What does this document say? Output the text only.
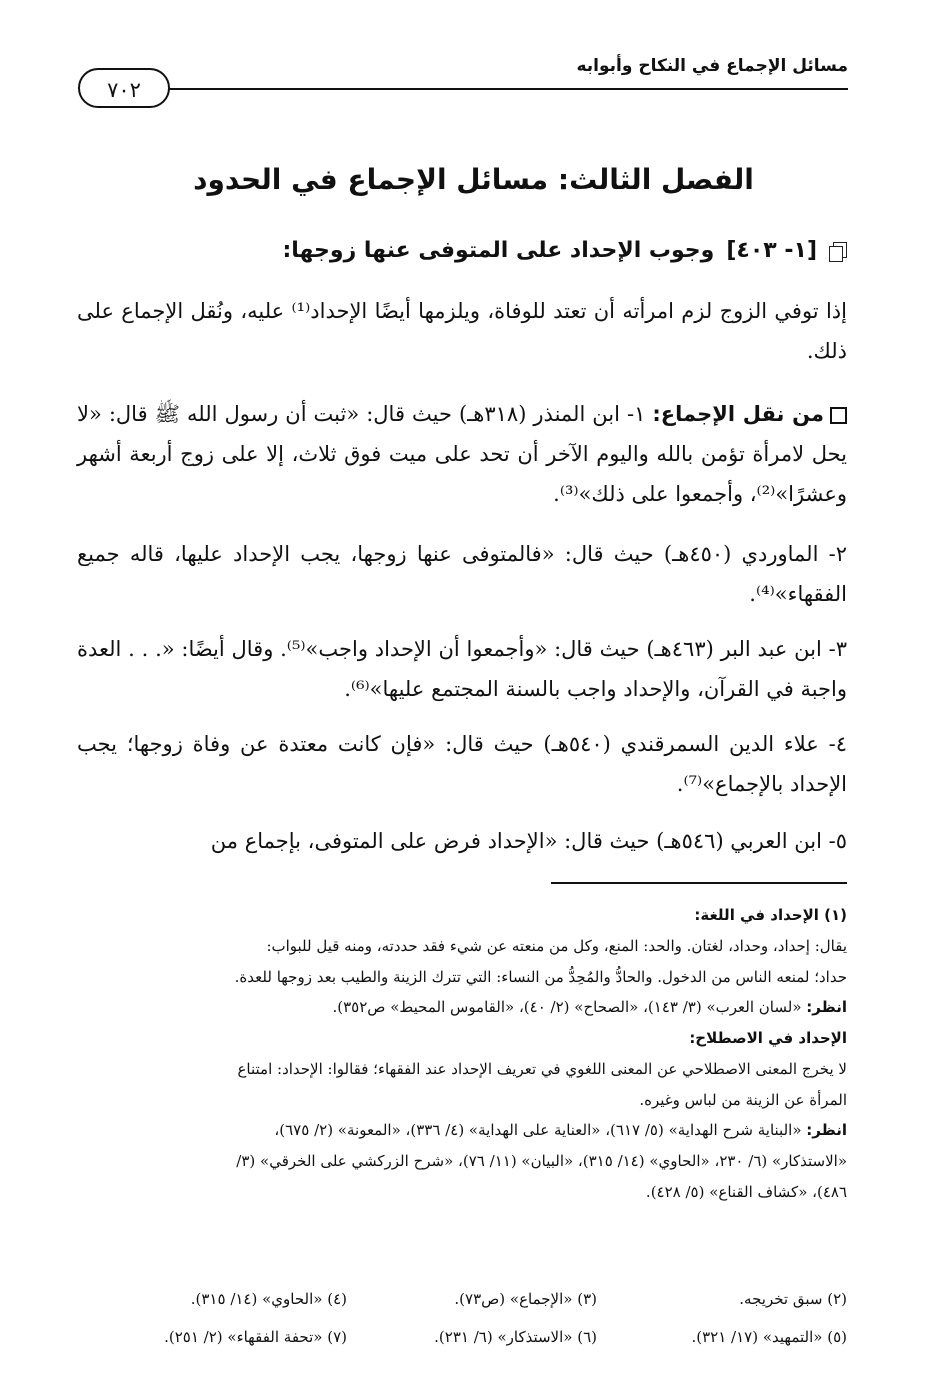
مسائل الإجماع في النكاح وأبوابه
٧٠٢
الفصل الثالث: مسائل الإجماع في الحدود
[١- ٤٠٣]
وجوب الإحداد على المتوفى عنها زوجها:
إذا توفي الزوج لزم امرأته أن تعتد للوفاة، ويلزمها أيضًا الإحداد⁽¹⁾ عليه، ونُقل الإجماع على ذلك.
من نقل الإجماع: ١- ابن المنذر (٣١٨هـ) حيث قال: «ثبت أن رسول الله ﷺ قال: «لا يحل لامرأة تؤمن بالله واليوم الآخر أن تحد على ميت فوق ثلاث، إلا على زوج أربعة أشهر وعشرًا»⁽²⁾، وأجمعوا على ذلك»⁽³⁾.
٢- الماوردي (٤٥٠هـ) حيث قال: «فالمتوفى عنها زوجها، يجب الإحداد عليها، قاله جميع الفقهاء»⁽⁴⁾.
٣- ابن عبد البر (٤٦٣هـ) حيث قال: «وأجمعوا أن الإحداد واجب»⁽⁵⁾. وقال أيضًا: «. . . العدة واجبة في القرآن، والإحداد واجب بالسنة المجتمع عليها»⁽⁶⁾.
٤- علاء الدين السمرقندي (٥٤٠هـ) حيث قال: «فإن كانت معتدة عن وفاة زوجها؛ يجب الإحداد بالإجماع»⁽⁷⁾.
٥- ابن العربي (٥٤٦هـ) حيث قال: «الإحداد فرض على المتوفى، بإجماع من

(١) الإحداد في اللغة:

يقال: إحداد، وحداد، لغتان. والحد: المنع، وكل من منعته عن شيء فقد حددته، ومنه قيل للبواب:

حداد؛ لمنعه الناس من الدخول. والحادُّ والمُحِدُّ من النساء: التي تترك الزينة والطيب بعد زوجها للعدة.

انظر: «لسان العرب» (٣/ ١٤٣)، «الصحاح» (٢/ ٤٠)، «القاموس المحيط» ص٣٥٢).

الإحداد في الاصطلاح:

لا يخرج المعنى الاصطلاحي عن المعنى اللغوي في تعريف الإحداد عند الفقهاء؛ فقالوا: الإحداد: امتناع

المرأة عن الزينة من لباس وغيره.

انظر: «البناية شرح الهداية» (٥/ ٦١٧)، «العناية على الهداية» (٤/ ٣٣٦)، «المعونة» (٢/ ٦٧٥)،

«الاستذكار» (٦/ ٢٣٠، «الحاوي» (١٤/ ٣١٥)، «البيان» (١١/ ٧٦)، «شرح الزركشي على الخرقي» (٣/

٤٨٦)، «كشاف القناع» (٥/ ٤٢٨).

(٢) سبق تخريجه.
(٣) «الإجماع» (ص٧٣).
(٤) «الحاوي» (١٤/ ٣١٥).
(٥) «التمهيد» (١٧/ ٣٢١).
(٦) «الاستذكار» (٦/ ٢٣١).
(٧) «تحفة الفقهاء» (٢/ ٢٥١).
